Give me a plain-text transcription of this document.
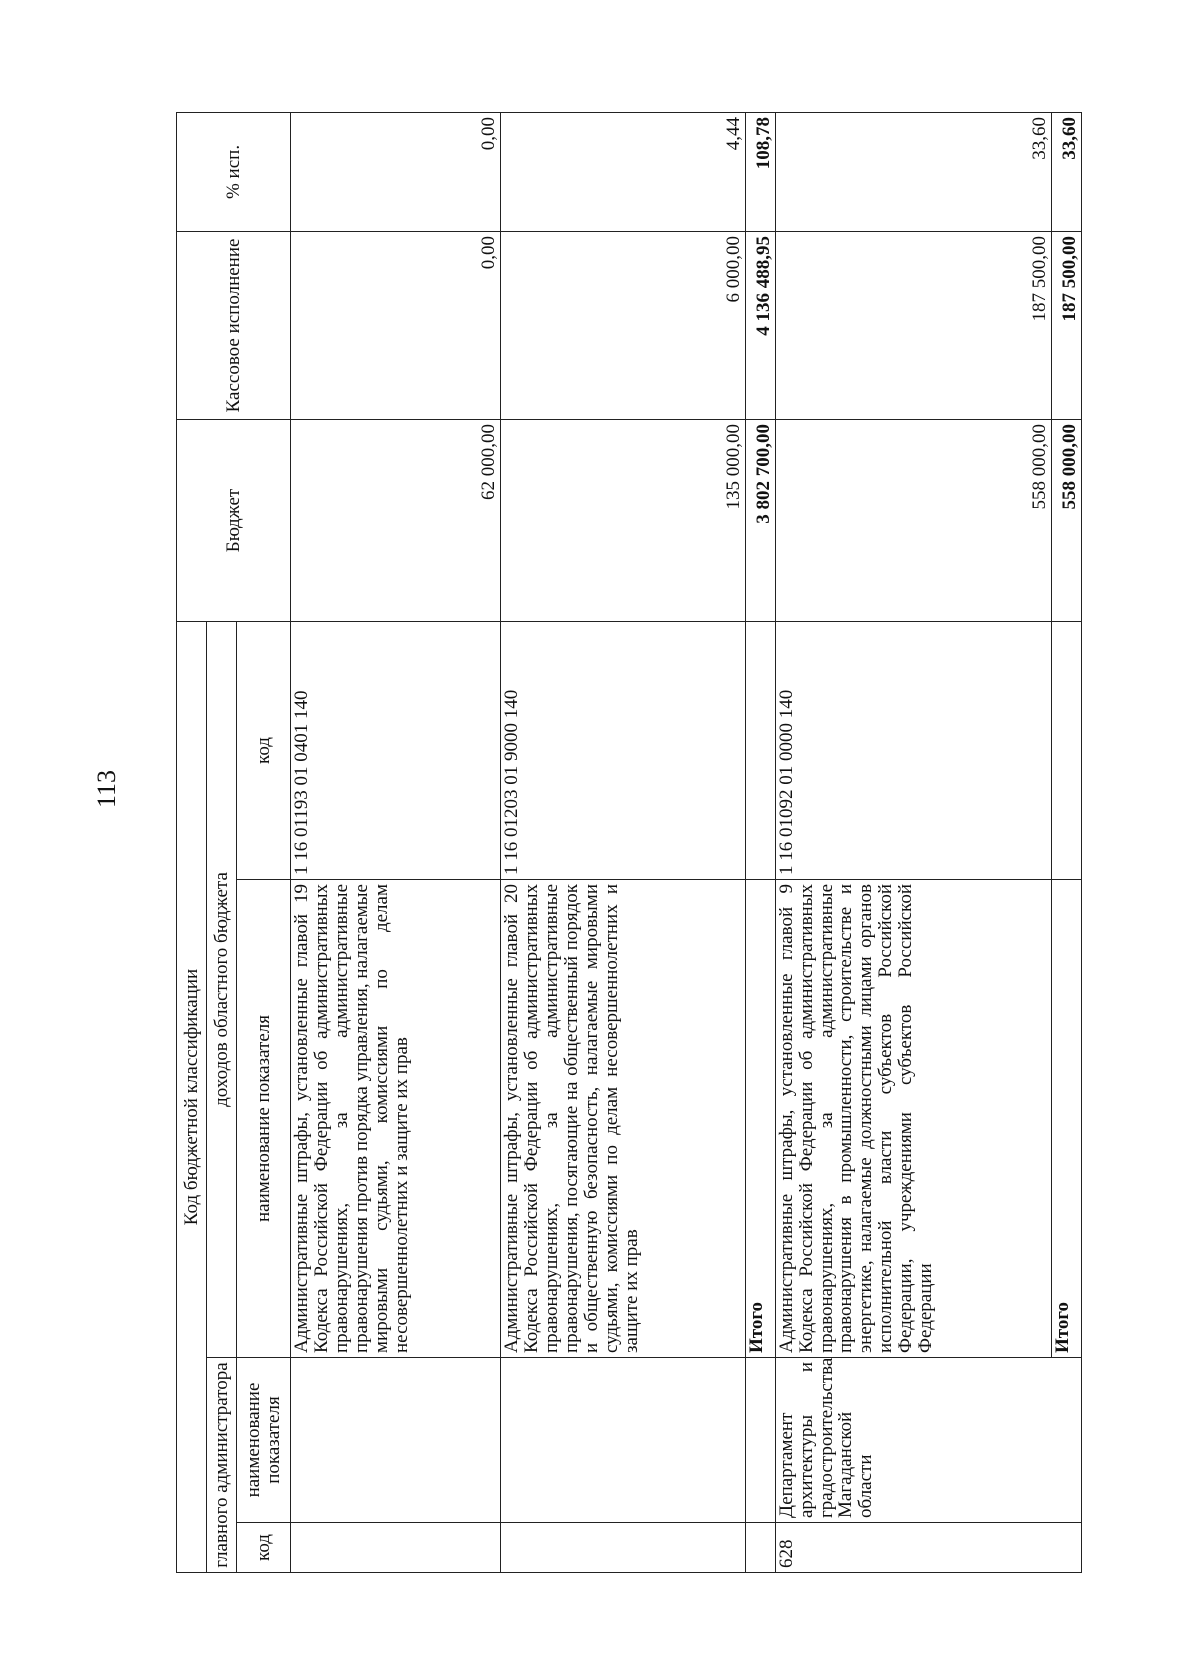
113
Код бюджетной классификации				Бюджет	Кассовое исполнение	% исп.
главного администратора		доходов областного бюджета				
код	наименование показателя	наименование показателя	код			
		Административные штрафы, установленные главой 19 Кодекса Российской Федерации об административных правонарушениях, за административные правонарушения против порядка управления, налагаемые мировыми судьями, комиссиями по делам несовершеннолетних и защите их прав	1 16 01193 01 0401 140	62 000,00	0,00	0,00
		Административные штрафы, установленные главой 20 Кодекса Российской Федерации об административных правонарушениях, за административные правонарушения, посягающие на общественный порядок и общественную безопасность, налагаемые мировыми судьями, комиссиями по делам несовершеннолетних и защите их прав	1 16 01203 01 9000 140	135 000,00	6 000,00	4,44
		Итого		3 802 700,00	4 136 488,95	108,78
628	Департамент архитектуры и градостроительства Магаданской области	Административные штрафы, установленные главой 9 Кодекса Российской Федерации об административных правонарушениях, за административные правонарушения в промышленности, строительстве и энергетике, налагаемые должностными лицами органов исполнительной власти субъектов Российской Федерации, учреждениями субъектов Российской Федерации	1 16 01092 01 0000 140	558 000,00	187 500,00	33,60
		Итого		558 000,00	187 500,00	33,60
